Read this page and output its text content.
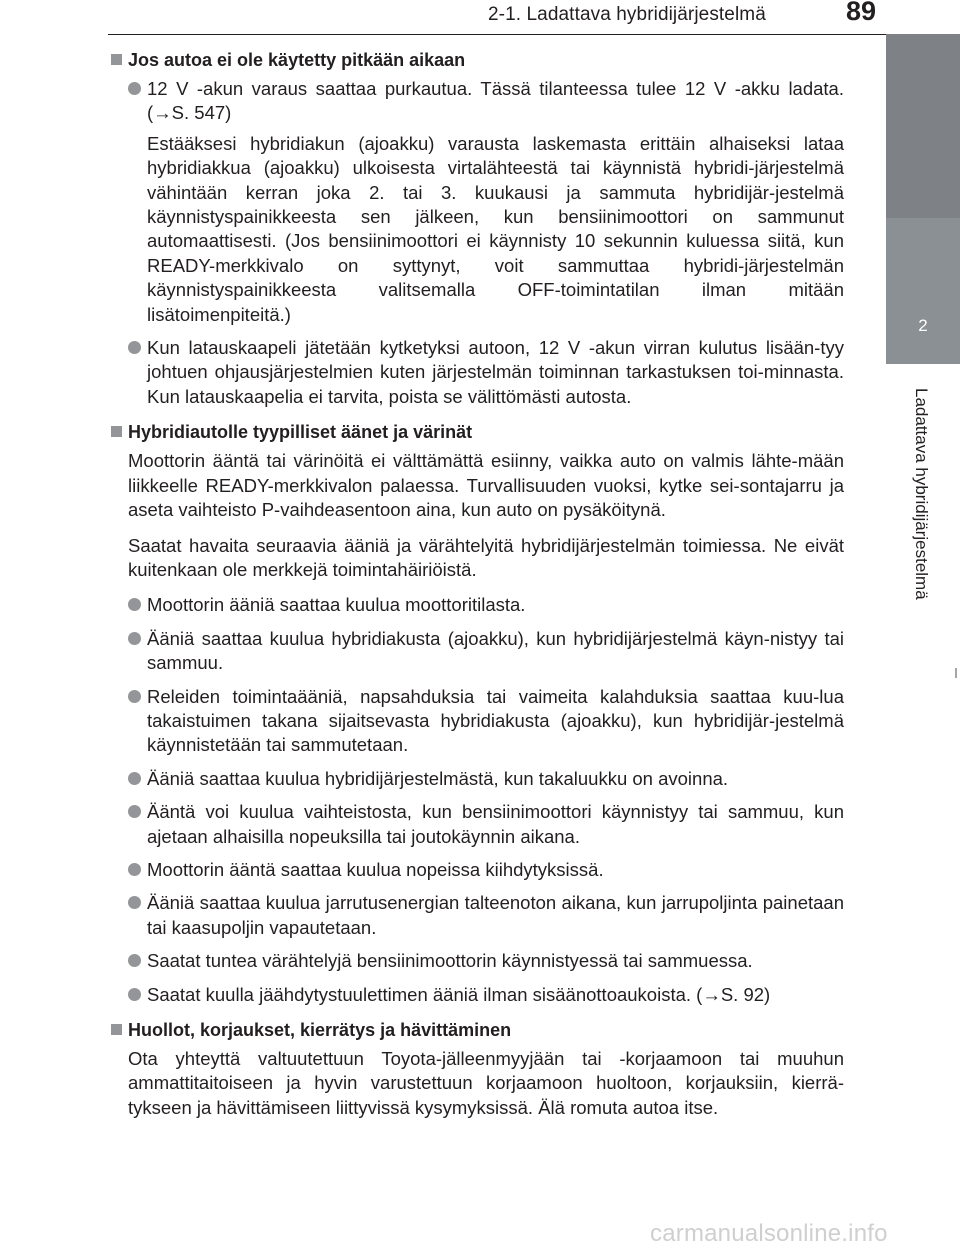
2-1. Ladattava hybridijärjestelmä	89
2
Ladattava hybridijärjestelmä
Jos autoa ei ole käytetty pitkään aikaan
12 V -akun varaus saattaa purkautua. Tässä tilanteessa tulee 12 V -akku ladata. (→S. 547)
Estääksesi hybridiakun (ajoakku) varausta laskemasta erittäin alhaiseksi lataa hybridiakkua (ajoakku) ulkoisesta virtalähteestä tai käynnistä hybridi-järjestelmä vähintään kerran joka 2. tai 3. kuukausi ja sammuta hybridijär-jestelmä käynnistyspainikkeesta sen jälkeen, kun bensiinimoottori on sammunut automaattisesti. (Jos bensiinimoottori ei käynnisty 10 sekunnin kuluessa siitä, kun READY-merkkivalo on syttynyt, voit sammuttaa hybridi-järjestelmän käynnistyspainikkeesta valitsemalla OFF-toimintatilan ilman mitään lisätoimenpiteitä.)
Kun latauskaapeli jätetään kytketyksi autoon, 12 V -akun virran kulutus lisään-tyy johtuen ohjausjärjestelmien kuten järjestelmän toiminnan tarkastuksen toi-minnasta. Kun latauskaapelia ei tarvita, poista se välittömästi autosta.
Hybridiautolle tyypilliset äänet ja värinät
Moottorin ääntä tai värinöitä ei välttämättä esiinny, vaikka auto on valmis lähte-mään liikkeelle READY-merkkivalon palaessa. Turvallisuuden vuoksi, kytke sei-sontajarru ja aseta vaihteisto P-vaihdeasentoon aina, kun auto on pysäköitynä.
Saatat havaita seuraavia ääniä ja värähtelyitä hybridijärjestelmän toimiessa. Ne eivät kuitenkaan ole merkkejä toimintahäiriöistä.
Moottorin ääniä saattaa kuulua moottoritilasta.
Ääniä saattaa kuulua hybridiakusta (ajoakku), kun hybridijärjestelmä käyn-nistyy tai sammuu.
Releiden toimintaääniä, napsahduksia tai vaimeita kalahduksia saattaa kuu-lua takaistuimen takana sijaitsevasta hybridiakusta (ajoakku), kun hybridijär-jestelmä käynnistetään tai sammutetaan.
Ääniä saattaa kuulua hybridijärjestelmästä, kun takaluukku on avoinna.
Ääntä voi kuulua vaihteistosta, kun bensiinimoottori käynnistyy tai sammuu, kun ajetaan alhaisilla nopeuksilla tai joutokäynnin aikana.
Moottorin ääntä saattaa kuulua nopeissa kiihdytyksissä.
Ääniä saattaa kuulua jarrutusenergian talteenoton aikana, kun jarrupoljinta painetaan tai kaasupoljin vapautetaan.
Saatat tuntea värähtelyjä bensiinimoottorin käynnistyessä tai sammuessa.
Saatat kuulla jäähdytystuulettimen ääniä ilman sisäänottoaukoista. (→S. 92)
Huollot, korjaukset, kierrätys ja hävittäminen
Ota yhteyttä valtuutettuun Toyota-jälleenmyyjään tai -korjaamoon tai muuhun ammattitaitoiseen ja hyvin varustettuun korjaamoon huoltoon, korjauksiin, kierrä-tykseen ja hävittämiseen liittyvissä kysymyksissä. Älä romuta autoa itse.
carmanualsonline.info
